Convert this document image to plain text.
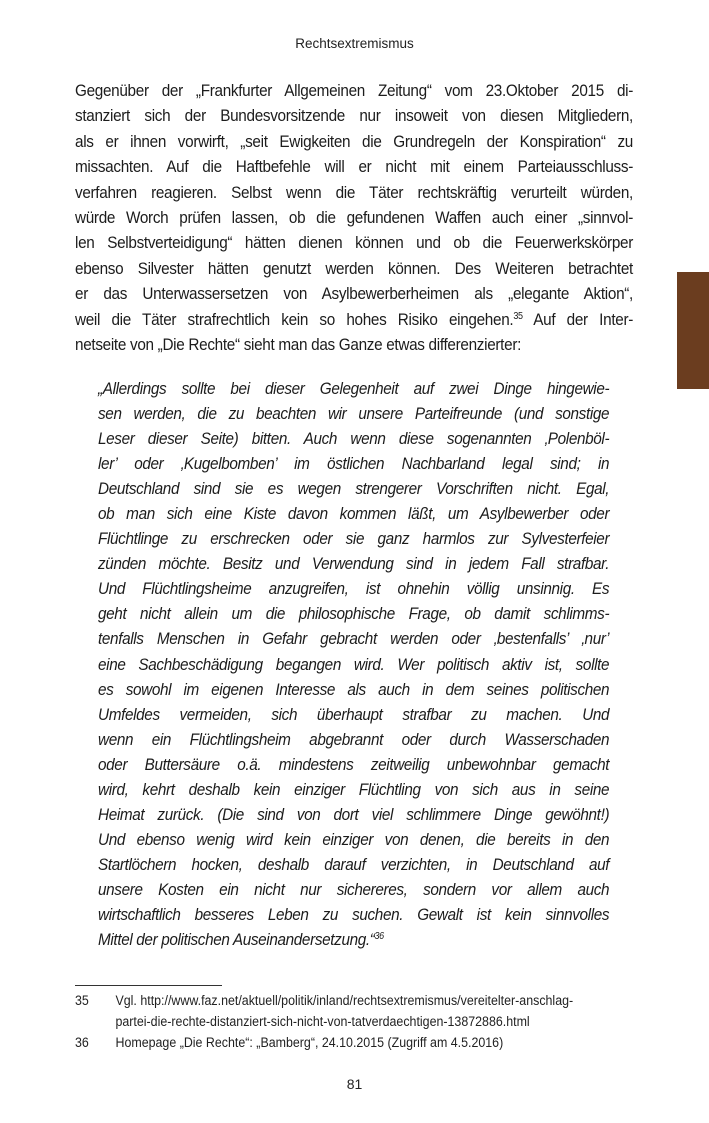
Rechtsextremismus
Gegenüber der „Frankfurter Allgemeinen Zeitung“ vom 23.Oktober 2015 di-
stanziert sich der Bundesvorsitzende nur insoweit von diesen Mitgliedern,
als er ihnen vorwirft, „seit Ewigkeiten die Grundregeln der Konspiration“ zu
missachten. Auf die Haftbefehle will er nicht mit einem Parteiausschluss-
verfahren reagieren. Selbst wenn die Täter rechtskräftig verurteilt würden,
würde Worch prüfen lassen, ob die gefundenen Waffen auch einer „sinnvol-
len Selbstverteidigung“ hätten dienen können und ob die Feuerwerkskörper
ebenso Silvester hätten genutzt werden können. Des Weiteren betrachtet
er das Unterwassersetzen von Asylbewerberheimen als „elegante Aktion“,
weil die Täter strafrechtlich kein so hohes Risiko eingehen.$^{35}$ Auf der Inter-
netseite von „Die Rechte“ sieht man das Ganze etwas differenzierter:
„Allerdings sollte bei dieser Gelegenheit auf zwei Dinge hingewie-
sen werden, die zu beachten wir unsere Parteifreunde (und sonstige
Leser dieser Seite) bitten. Auch wenn diese sogenannten ‚Polenböl-
ler’ oder ‚Kugelbomben’ im östlichen Nachbarland legal sind; in
Deutschland sind sie es wegen strengerer Vorschriften nicht. Egal,
ob man sich eine Kiste davon kommen läßt, um Asylbewerber oder
Flüchtlinge zu erschrecken oder sie ganz harmlos zur Sylvesterfeier
zünden möchte. Besitz und Verwendung sind in jedem Fall strafbar.
Und Flüchtlingsheime anzugreifen, ist ohnehin völlig unsinnig. Es
geht nicht allein um die philosophische Frage, ob damit schlimms-
tenfalls Menschen in Gefahr gebracht werden oder ‚bestenfalls’ ‚nur’
eine Sachbeschädigung begangen wird. Wer politisch aktiv ist, sollte
es sowohl im eigenen Interesse als auch in dem seines politischen
Umfeldes vermeiden, sich überhaupt strafbar zu machen. Und
wenn ein Flüchtlingsheim abgebrannt oder durch Wasserschaden
oder Buttersäure o.ä. mindestens zeitweilig unbewohnbar gemacht
wird, kehrt deshalb kein einziger Flüchtling von sich aus in seine
Heimat zurück. (Die sind von dort viel schlimmere Dinge gewöhnt!)
Und ebenso wenig wird kein einziger von denen, die bereits in den
Startlöchern hocken, deshalb darauf verzichten, in Deutschland auf
unsere Kosten ein nicht nur sichereres, sondern vor allem auch
wirtschaftlich besseres Leben zu suchen. Gewalt ist kein sinnvolles
Mittel der politischen Auseinandersetzung.“$^{36}$
35	Vgl. http://www.faz.net/aktuell/politik/inland/rechtsextremismus/vereitelter-anschlag-
partei-die-rechte-distanziert-sich-nicht-von-tatverdaechtigen-13872886.html
36	Homepage „Die Rechte“: „Bamberg“, 24.10.2015 (Zugriff am 4.5.2016)
81
